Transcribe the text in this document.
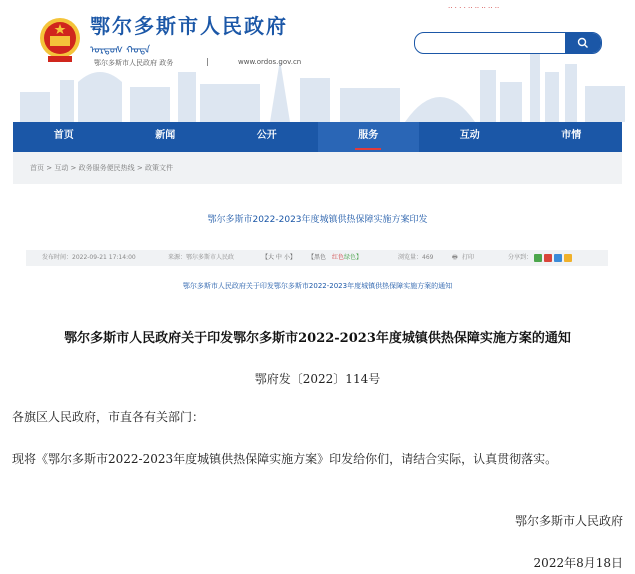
鄂尔多斯市人民政府
ᠣᠷᠳᠣᠰ ᠬᠣᠲᠠ
鄂尔多斯市人民政府 政务	|	www.ordos.gov.cn
·· · · · ·· ·· ·· ·· ··
首页	新闻	公开	服务	互动	市情
首页 > 互动 > 政务服务便民热线 > 政策文件
鄂尔多斯市2022-2023年度城镇供热保障实施方案印发
发布时间：2022-09-21 17:14:00	来源：鄂尔多斯市人民政	【大 中 小】 【黑色 红色 绿色】	浏览量：469	🖶 打印	分享到：
鄂尔多斯市人民政府关于印发鄂尔多斯市2022-2023年度城镇供热保障实施方案的通知
鄂尔多斯市人民政府关于印发鄂尔多斯市2022-2023年度城镇供热保障实施方案的通知
鄂府发〔2022〕114号
各旗区人民政府，市直各有关部门：
现将《鄂尔多斯市2022-2023年度城镇供热保障实施方案》印发给你们，请结合实际，认真贯彻落实。
鄂尔多斯市人民政府
2022年8月18日
